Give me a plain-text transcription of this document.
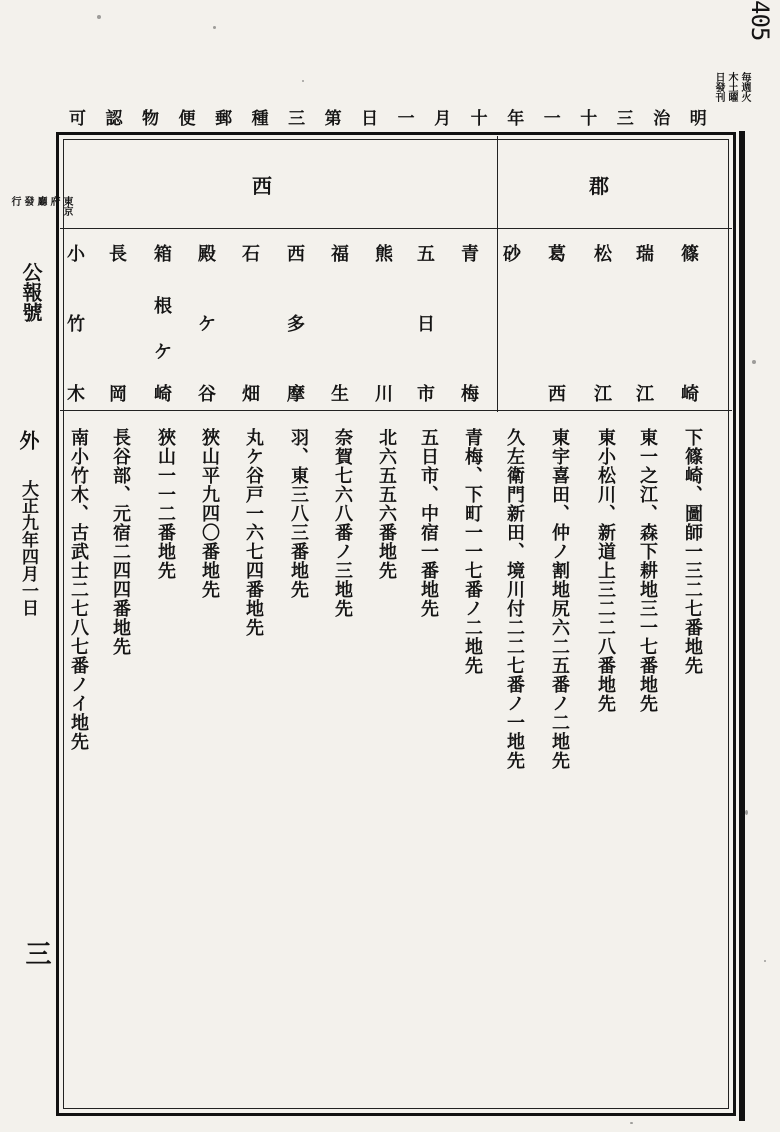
405
毎週火
木土曜
日發刊
可 認 物 便 郵 種 三 第 日 一 月 十 年 一 十 三 治 明
郡
西
篠
崎
瑞
江
松
江
葛
西
砂
青
梅
五
日
市
熊
川
福
生
西
多
摩
石
畑
殿
ケ
谷
箱
根
ケ
崎
長
岡
小
竹
木
下篠崎、圖師一三二七番地先
東一之江、森下耕地三一七番地先
東小松川、新道上三二二八番地先
東宇喜田、仲ノ割地尻六二五番ノ二地先
久左衛門新田、境川付二二七番ノ一地先
青梅、下町一一七番ノ二地先
五日市、中宿一番地先
北六五五六番地先
奈賀七六八番ノ三地先
羽、東三八三番地先
丸ケ谷戸一六七四番地先
狹山平九四〇番地先
狹山一一二番地先
長谷部、元宿二四四番地先
南小竹木、古武士二七八七番ノイ地先
東京
府
廳
發
行
公報號
外
大正九年四月一日
三
